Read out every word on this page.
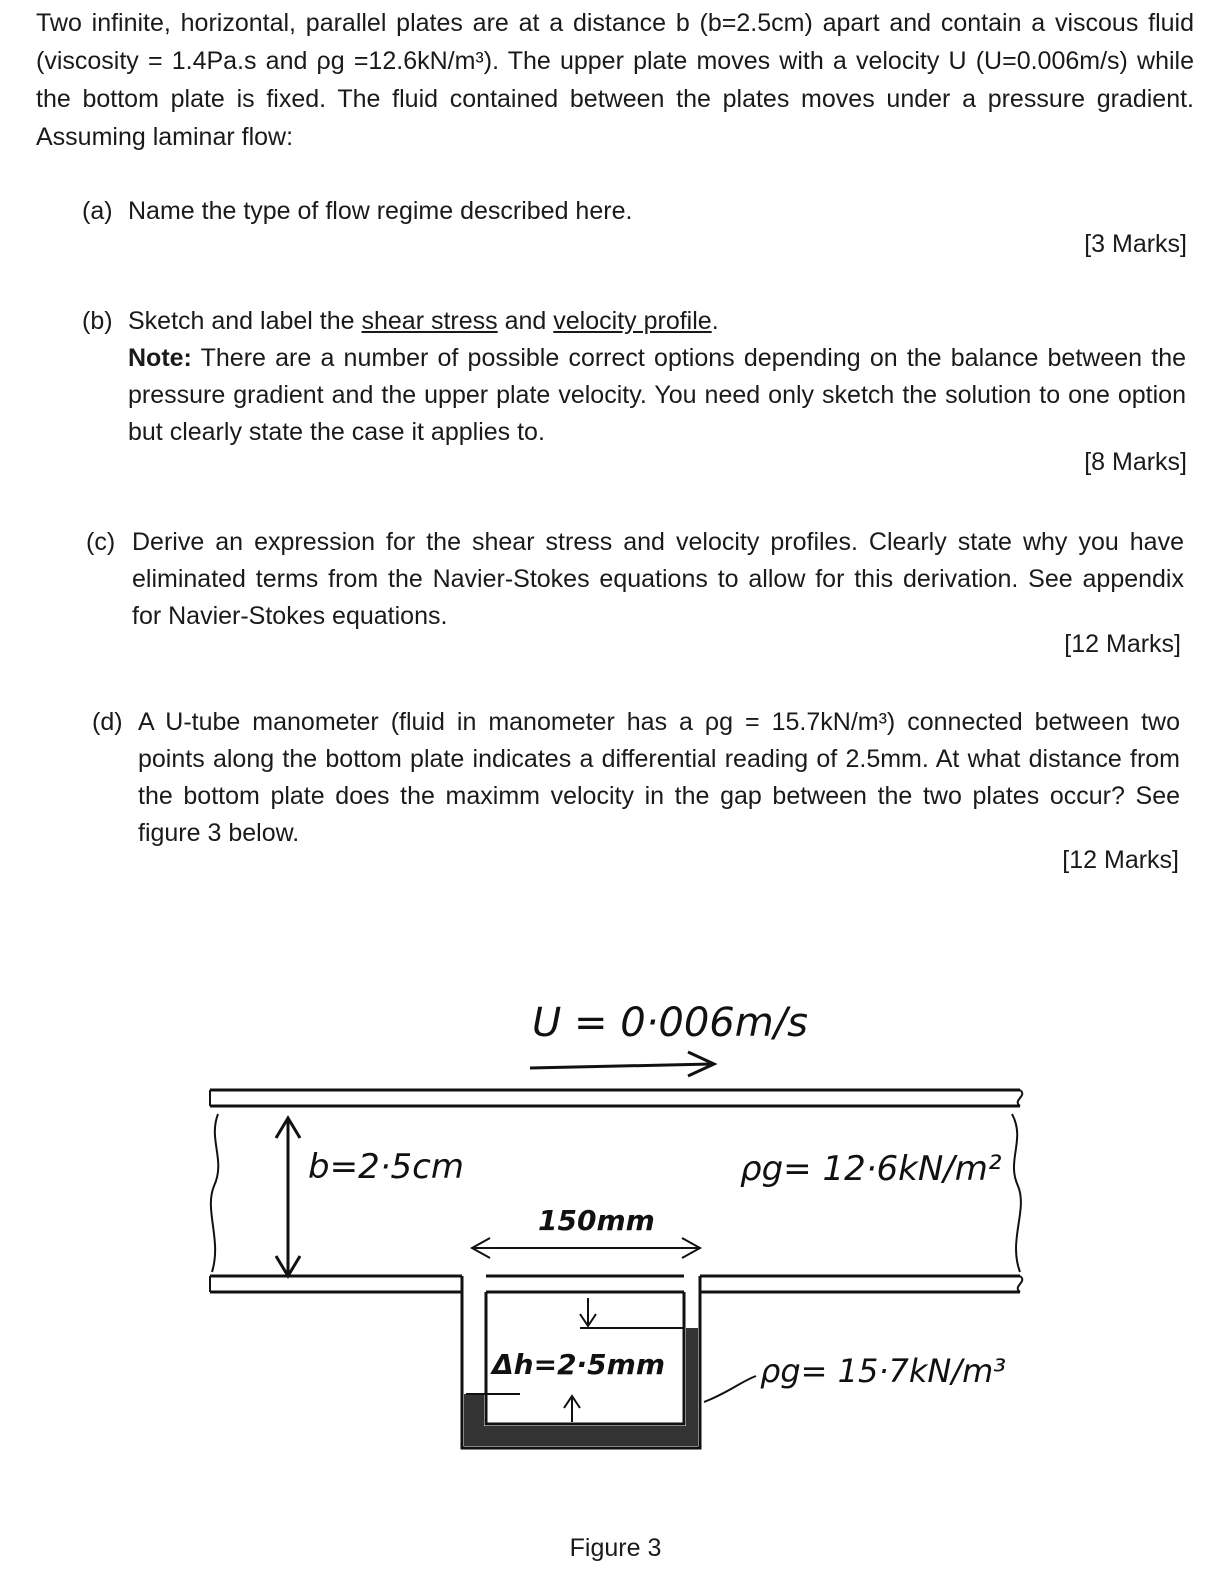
Two infinite, horizontal, parallel plates are at a distance b (b=2.5cm) apart and contain a viscous fluid (viscosity = 1.4Pa.s and ρg =12.6kN/m³). The upper plate moves with a velocity U (U=0.006m/s) while the bottom plate is fixed. The fluid contained between the plates moves under a pressure gradient. Assuming laminar flow:

(a) Name the type of flow regime described here.
[3 Marks]
(b) Sketch and label the shear stress and velocity profile.
Note: There are a number of possible correct options depending on the balance between the pressure gradient and the upper plate velocity. You need only sketch the solution to one option but clearly state the case it applies to.
[8 Marks]
(c) Derive an expression for the shear stress and velocity profiles. Clearly state why you have eliminated terms from the Navier-Stokes equations to allow for this derivation. See appendix for Navier-Stokes equations.
[12 Marks]
(d) A U-tube manometer (fluid in manometer has a ρg = 15.7kN/m³) connected between two points along the bottom plate indicates a differential reading of 2.5mm. At what distance from the bottom plate does the maximm velocity in the gap between the two plates occur? See figure 3 below.
[12 Marks]
U = 0·006m/s
b=2·5cm	ρg= 12·6kN/m²
150mm
Δh=2·5mm	ρg= 15·7kN/m³
Figure 3
